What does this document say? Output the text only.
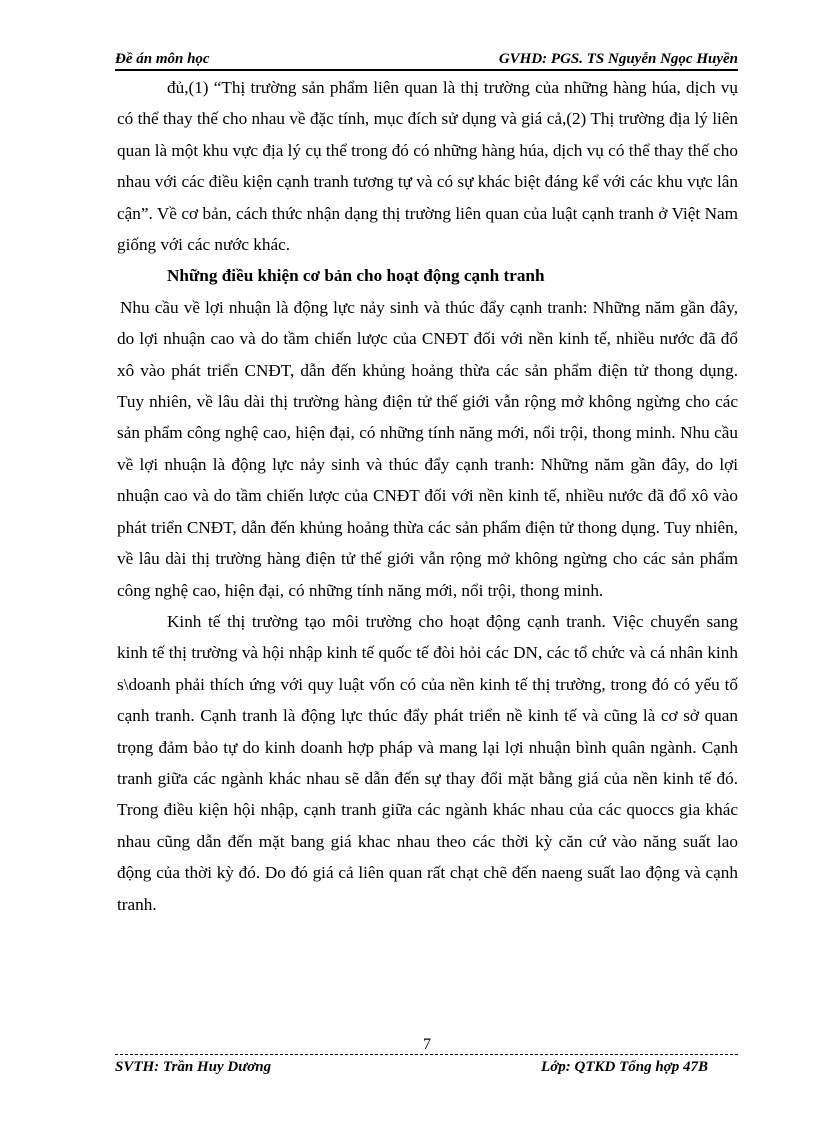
Đề án môn học	GVHD: PGS. TS Nguyễn Ngọc Huyền

đủ,(1) “Thị trường sản phẩm liên quan là thị trường của những hàng húa, dịch vụ có thể thay thế cho nhau về đặc tính, mục đích sử dụng và giá cả,(2) Thị trường địa lý liên quan là một khu vực địa lý cụ thể trong đó có những hàng húa, dịch vụ có thể thay thế cho nhau với các điều kiện cạnh tranh tương tự và có sự khác biệt đáng kể với các khu vực lân cận”. Về cơ bản, cách thức nhận dạng thị trường liên quan của luật cạnh tranh ở Việt Nam giống với các nước khác.

Những điều khiện cơ bản cho hoạt động cạnh tranh

Nhu cầu về lợi nhuận là động lực nảy sinh và thúc đẩy cạnh tranh: Những năm gần đây, do lợi nhuận cao và do tầm chiến lược của CNĐT đối với nền kinh tế, nhiều nước đã đổ xô vào phát triển CNĐT, dẫn đến khủng hoảng thừa các sản phẩm điện tử thong dụng. Tuy nhiên, về lâu dài thị trường hàng điện tử thế giới vẫn rộng mở không ngừng cho các sản phẩm công nghệ cao, hiện đại, có những tính năng mới, nổi trội, thong minh. Nhu cầu về lợi nhuận là động lực nảy sinh và thúc đẩy cạnh tranh: Những năm gần đây, do lợi nhuận cao và do tầm chiến lược của CNĐT đối với nền kinh tế, nhiều nước đã đổ xô vào phát triển CNĐT, dẫn đến khủng hoảng thừa các sản phẩm điện tử thong dụng. Tuy nhiên, về lâu dài thị trường hàng điện tử thế giới vẫn rộng mở không ngừng cho các sản phẩm công nghệ cao, hiện đại, có những tính năng mới, nổi trội, thong minh.

Kinh tế thị trường tạo môi trường cho hoạt động cạnh tranh. Việc chuyển sang kinh tế thị trường và hội nhập kinh tế quốc tế đòi hỏi các DN, các tổ chức và cá nhân kinh s\doanh phải thích ứng với quy luật vốn có của nền kinh tế thị trường, trong đó có yếu tố cạnh tranh. Cạnh tranh là động lực thúc đẩy phát triển nề kinh tế và cũng là cơ sở quan trọng đảm bảo tự do kinh doanh hợp pháp và mang lại lợi nhuận bình quân ngành. Cạnh tranh giữa các ngành khác nhau sẽ dẫn đến sự thay đổi mặt bằng giá của nền kinh tế đó. Trong điều kiện hội nhập, cạnh tranh giữa các ngành khác nhau của các quoccs gia khác nhau cũng dẫn đến mặt bang giá khac nhau theo các thời kỳ căn cứ vào năng suất lao động của thời kỳ đó. Do đó giá cả liên quan rất chạt chẽ đến naeng suất lao động và cạnh tranh.

7
SVTH: Trần Huy Dương	Lớp: QTKD Tổng hợp 47B
